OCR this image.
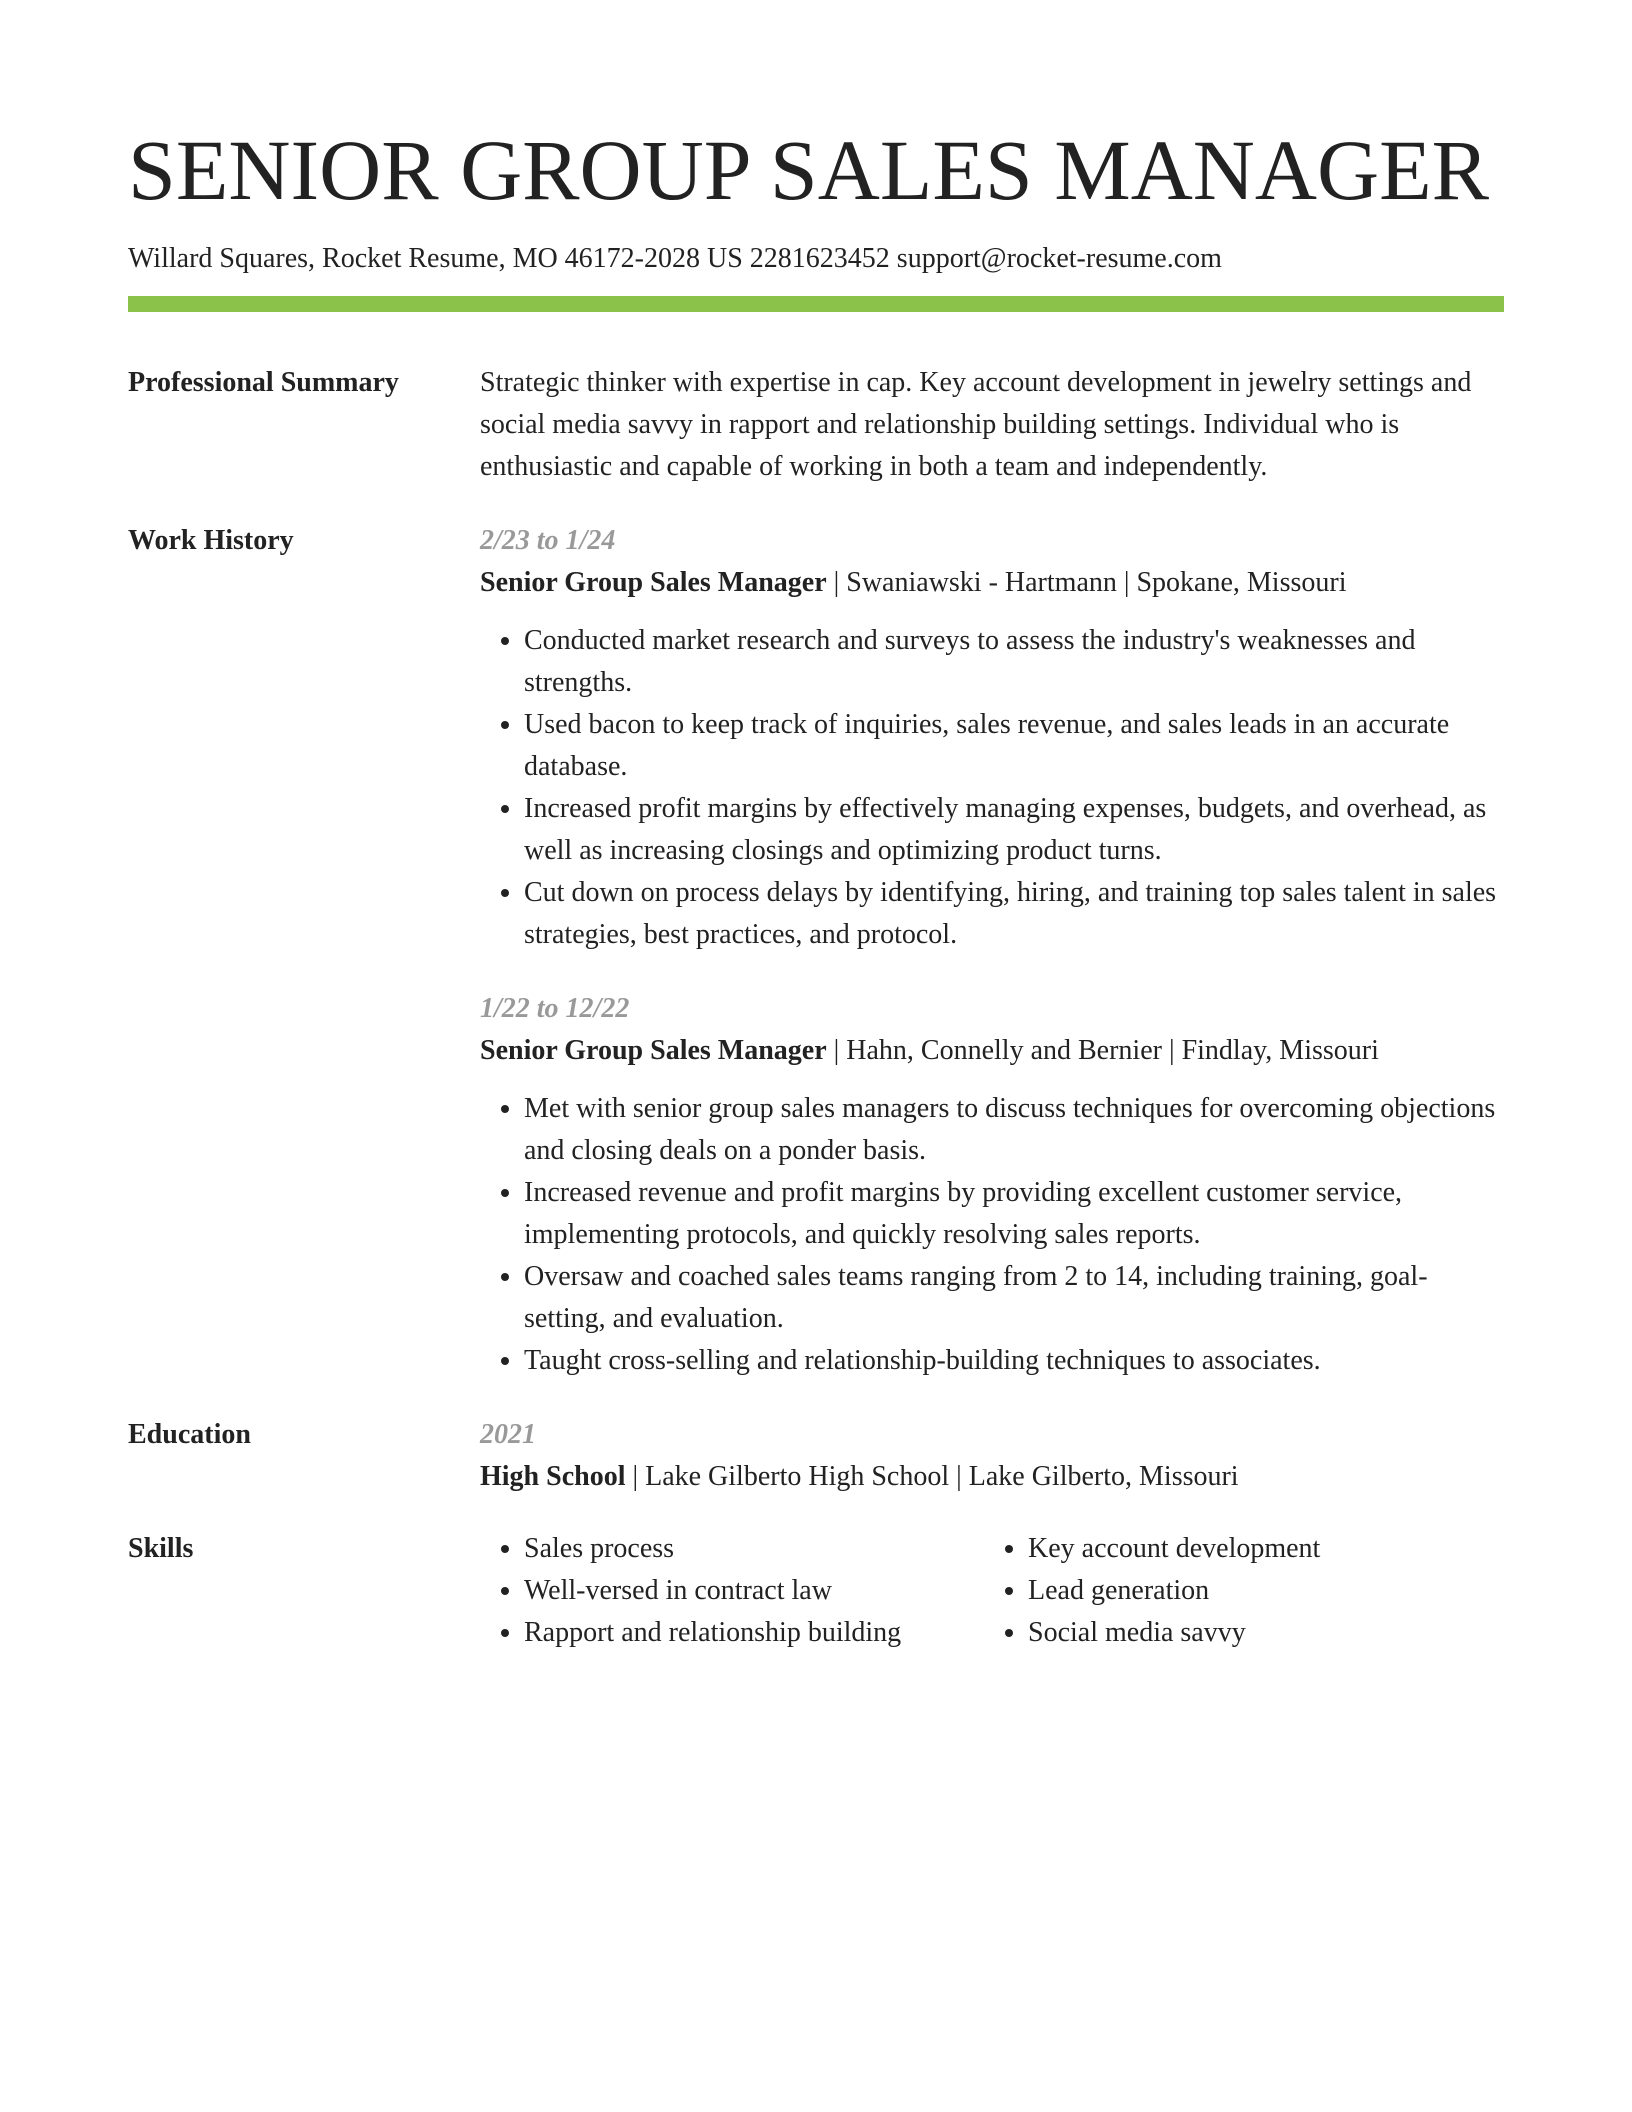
SENIOR GROUP SALES MANAGER
Willard Squares, Rocket Resume, MO 46172-2028 US 2281623452 support@rocket-resume.com
Professional Summary	Strategic thinker with expertise in cap. Key account development in jewelry settings and social media savvy in rapport and relationship building settings. Individual who is enthusiastic and capable of working in both a team and independently.
Work History	2/23 to 1/24
Senior Group Sales Manager | Swaniawski - Hartmann | Spokane, Missouri
• Conducted market research and surveys to assess the industry's weaknesses and strengths.
• Used bacon to keep track of inquiries, sales revenue, and sales leads in an accurate database.
• Increased profit margins by effectively managing expenses, budgets, and overhead, as well as increasing closings and optimizing product turns.
• Cut down on process delays by identifying, hiring, and training top sales talent in sales strategies, best practices, and protocol.
1/22 to 12/22
Senior Group Sales Manager | Hahn, Connelly and Bernier | Findlay, Missouri
• Met with senior group sales managers to discuss techniques for overcoming objections and closing deals on a ponder basis.
• Increased revenue and profit margins by providing excellent customer service, implementing protocols, and quickly resolving sales reports.
• Oversaw and coached sales teams ranging from 2 to 14, including training, goal-setting, and evaluation.
• Taught cross-selling and relationship-building techniques to associates.
Education	2021
High School | Lake Gilberto High School | Lake Gilberto, Missouri
Skills
•	Sales process
• Well-versed in contract law
• Rapport and relationship building
• Key account development
• Lead generation
• Social media savvy
